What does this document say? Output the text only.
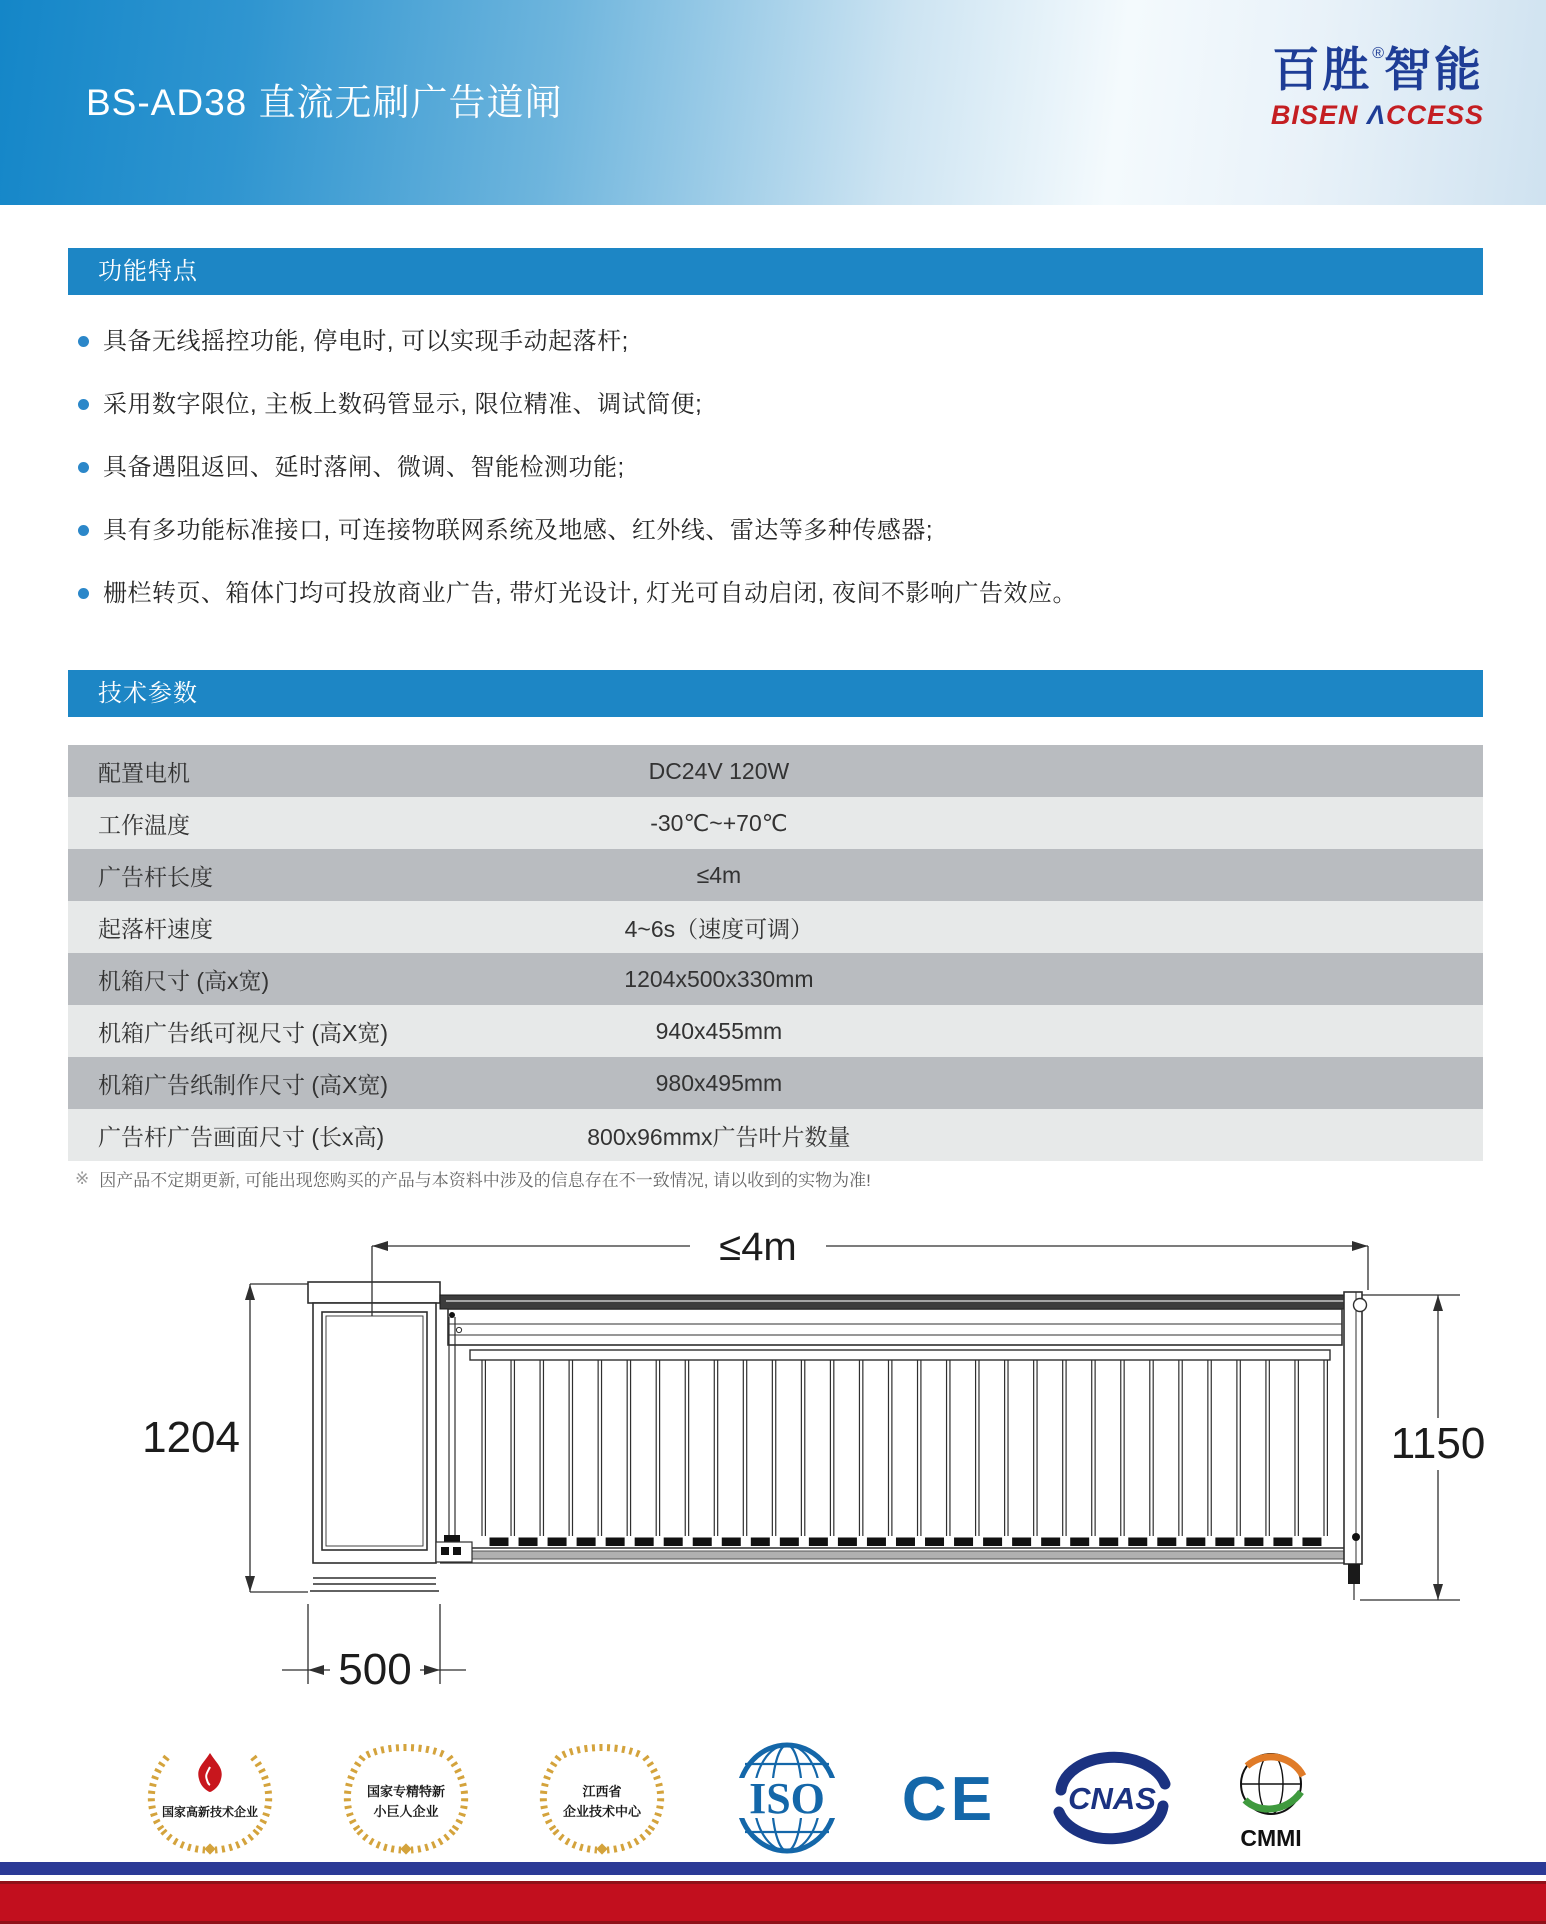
BS-AD38 直流无刷广告道闸
百胜®智能
BISEN ΛCCESS
功能特点
具备无线摇控功能, 停电时, 可以实现手动起落杆;
采用数字限位, 主板上数码管显示, 限位精准、调试简便;
具备遇阻返回、延时落闸、微调、智能检测功能;
具有多功能标准接口, 可连接物联网系统及地感、红外线、雷达等多种传感器;
栅栏转页、箱体门均可投放商业广告, 带灯光设计, 灯光可自动启闭, 夜间不影响广告效应。
技术参数
配置电机	DC24V 120W
工作温度	-30℃~+70℃
广告杆长度	≤4m
起落杆速度	4~6s（速度可调）
机箱尺寸 (高x宽)	1204x500x330mm
机箱广告纸可视尺寸 (高X宽)	940x455mm
机箱广告纸制作尺寸 (高X宽)	980x495mm
广告杆广告画面尺寸 (长x高)	800x96mmx广告叶片数量
※ 因产品不定期更新, 可能出现您购买的产品与本资料中涉及的信息存在不一致情况, 请以收到的实物为准!
≤4m
1204	1150
500
国家高新技术企业
国家专精特新
小巨人企业
江西省
企业技术中心	ISO CE CNAS
CMMI
